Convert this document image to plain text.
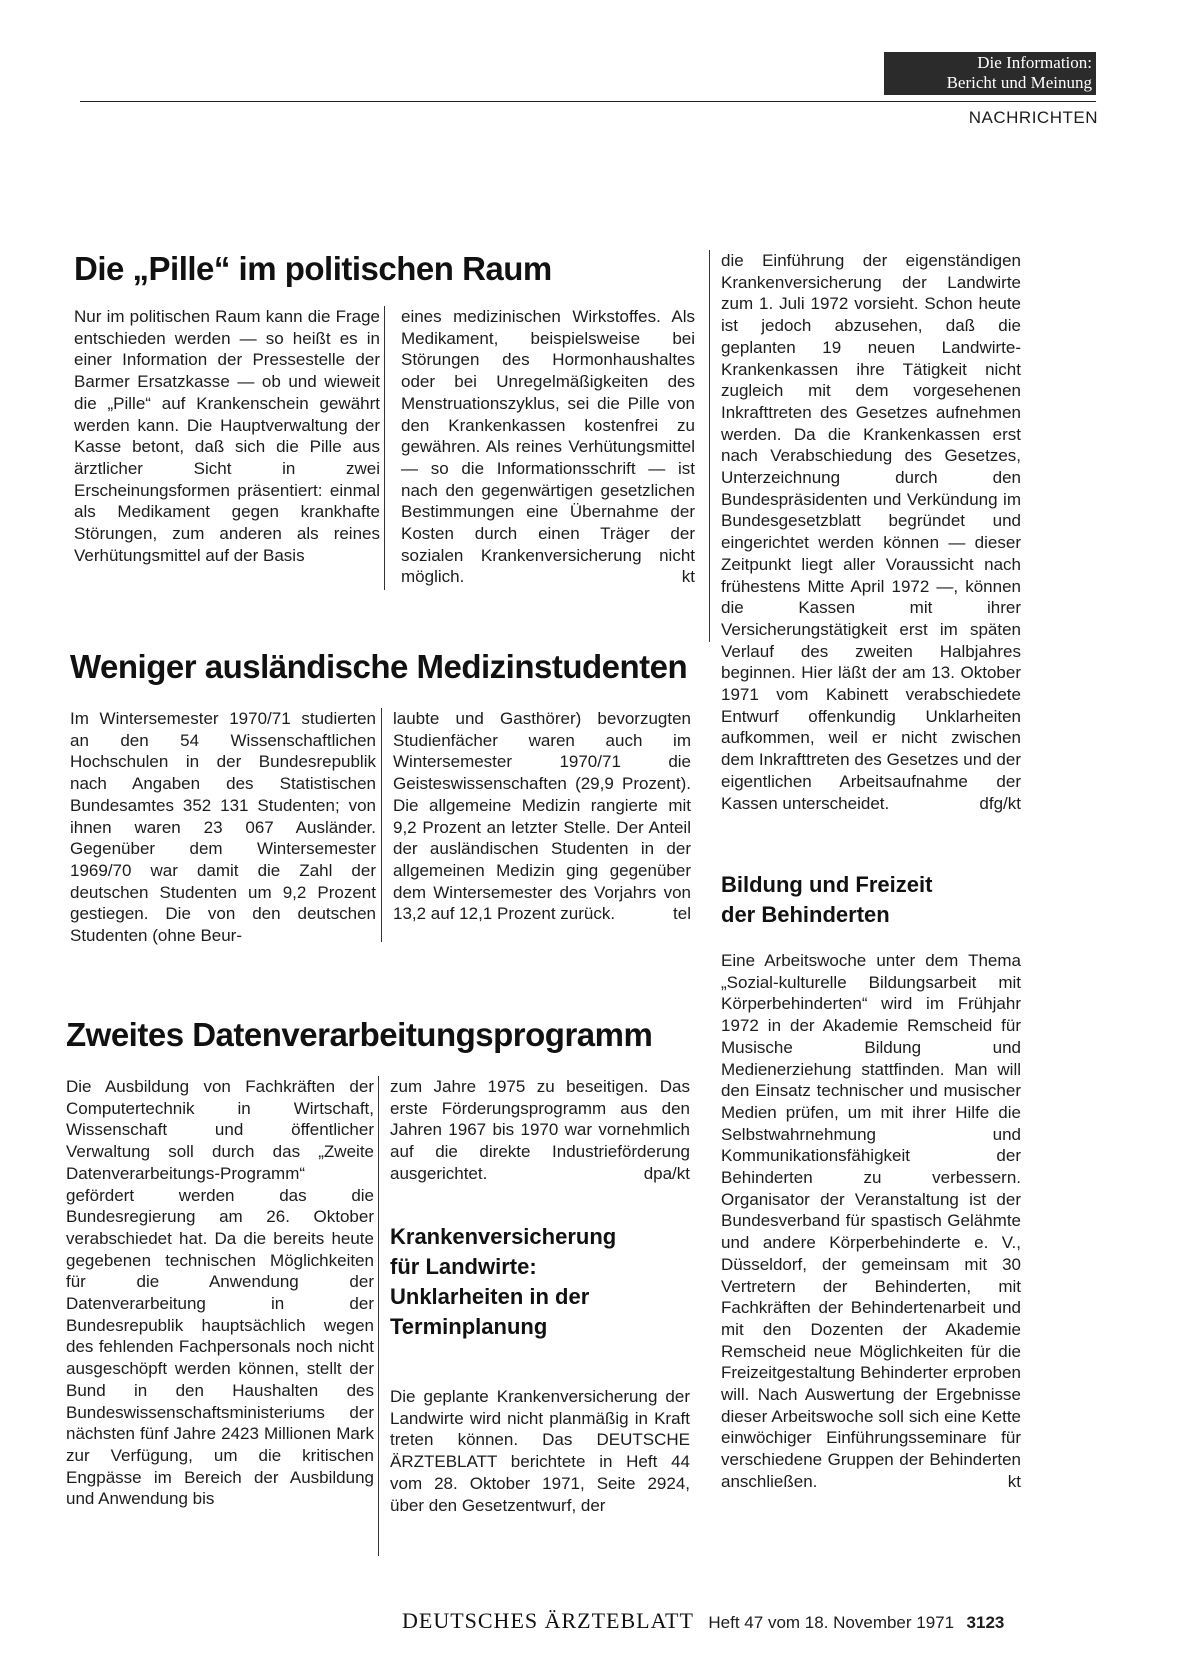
Die Information:
Bericht und Meinung
NACHRICHTEN
Die „Pille“ im politischen Raum

Nur im politischen Raum kann die Frage entschieden werden — so heißt es in einer Information der Pressestelle der Barmer Ersatzkasse — ob und wieweit die „Pille“ auf Krankenschein gewährt werden kann. Die Hauptverwaltung der Kasse betont, daß sich die Pille aus ärztlicher Sicht in zwei Erscheinungsformen präsentiert: einmal als Medikament gegen krankhafte Störungen, zum anderen als reines Verhütungsmittel auf der Basis

eines medizinischen Wirkstoffes. Als Medikament, beispielsweise bei Störungen des Hormonhaushaltes oder bei Unregelmäßigkeiten des Menstruationszyklus, sei die Pille von den Krankenkassen kostenfrei zu gewähren. Als reines Verhütungsmittel — so die Informationsschrift — ist nach den gegenwärtigen gesetzlichen Bestimmungen eine Übernahme der Kosten durch einen Träger der sozialen Krankenversicherung nicht möglich.	kt

die Einführung der eigenständigen Krankenversicherung der Landwirte zum 1. Juli 1972 vorsieht. Schon heute ist jedoch abzusehen, daß die geplanten 19 neuen Landwirte-Krankenkassen ihre Tätigkeit nicht zugleich mit dem vorgesehenen Inkrafttreten des Gesetzes aufnehmen werden. Da die Krankenkassen erst nach Verabschiedung des Gesetzes, Unterzeichnung durch den Bundespräsidenten und Verkündung im Bundesgesetzblatt begründet und eingerichtet werden können — dieser Zeitpunkt liegt aller Voraussicht nach frühestens Mitte April 1972 —, können die Kassen mit ihrer Versicherungstätigkeit erst im späten Verlauf des zweiten Halbjahres beginnen. Hier läßt der am 13. Oktober 1971 vom Kabinett verabschiedete Entwurf offenkundig Unklarheiten aufkommen, weil er nicht zwischen dem Inkrafttreten des Gesetzes und der eigentlichen Arbeitsaufnahme der Kassen unterscheidet.	dfg/kt
Bildung und Freizeit
der Behinderten

Eine Arbeitswoche unter dem Thema „Sozial-kulturelle Bildungsarbeit mit Körperbehinderten“ wird im Frühjahr 1972 in der Akademie Remscheid für Musische Bildung und Medienerziehung stattfinden. Man will den Einsatz technischer und musischer Medien prüfen, um mit ihrer Hilfe die Selbstwahrnehmung und Kommunikationsfähigkeit der Behinderten zu verbessern. Organisator der Veranstaltung ist der Bundesverband für spastisch Gelähmte und andere Körperbehinderte e. V., Düsseldorf, der gemeinsam mit 30 Vertretern der Behinderten, mit Fachkräften der Behindertenarbeit und mit den Dozenten der Akademie Remscheid neue Möglichkeiten für die Freizeitgestaltung Behinderter erproben will. Nach Auswertung der Ergebnisse dieser Arbeitswoche soll sich eine Kette einwöchiger Einführungsseminare für verschiedene Gruppen der Behinderten anschließen.	kt
Weniger ausländische Medizinstudenten

Im Wintersemester 1970/71 studierten an den 54 Wissenschaftlichen Hochschulen in der Bundesrepublik nach Angaben des Statistischen Bundesamtes 352 131 Studenten; von ihnen waren 23 067 Ausländer. Gegenüber dem Wintersemester 1969/70 war damit die Zahl der deutschen Studenten um 9,2 Prozent gestiegen. Die von den deutschen Studenten (ohne Beur-

laubte und Gasthörer) bevorzugten Studienfächer waren auch im Wintersemester 1970/71 die Geisteswissenschaften (29,9 Prozent). Die allgemeine Medizin rangierte mit 9,2 Prozent an letzter Stelle. Der Anteil der ausländischen Studenten in der allgemeinen Medizin ging gegenüber dem Wintersemester des Vorjahrs von 13,2 auf 12,1 Prozent zurück.	tel
Zweites Datenverarbeitungsprogramm

Die Ausbildung von Fachkräften der Computertechnik in Wirtschaft, Wissenschaft und öffentlicher Verwaltung soll durch das „Zweite Datenverarbeitungs-Programm“ gefördert werden das die Bundesregierung am 26. Oktober verabschiedet hat. Da die bereits heute gegebenen technischen Möglichkeiten für die Anwendung der Datenverarbeitung in der Bundesrepublik hauptsächlich wegen des fehlenden Fachpersonals noch nicht ausgeschöpft werden können, stellt der Bund in den Haushalten des Bundeswissenschaftsministeriums der nächsten fünf Jahre 2423 Millionen Mark zur Verfügung, um die kritischen Engpässe im Bereich der Ausbildung und Anwendung bis

zum Jahre 1975 zu beseitigen. Das erste Förderungsprogramm aus den Jahren 1967 bis 1970 war vornehmlich auf die direkte Industrieförderung ausgerichtet.	dpa/kt
Krankenversicherung
für Landwirte:
Unklarheiten in der
Terminplanung

Die geplante Krankenversicherung der Landwirte wird nicht planmäßig in Kraft treten können. Das DEUTSCHE ÄRZTEBLATT berichtete in Heft 44 vom 28. Oktober 1971, Seite 2924, über den Gesetzentwurf, der

DEUTSCHES ÄRZTEBLATT Heft 47 vom 18. November 1971 3123
